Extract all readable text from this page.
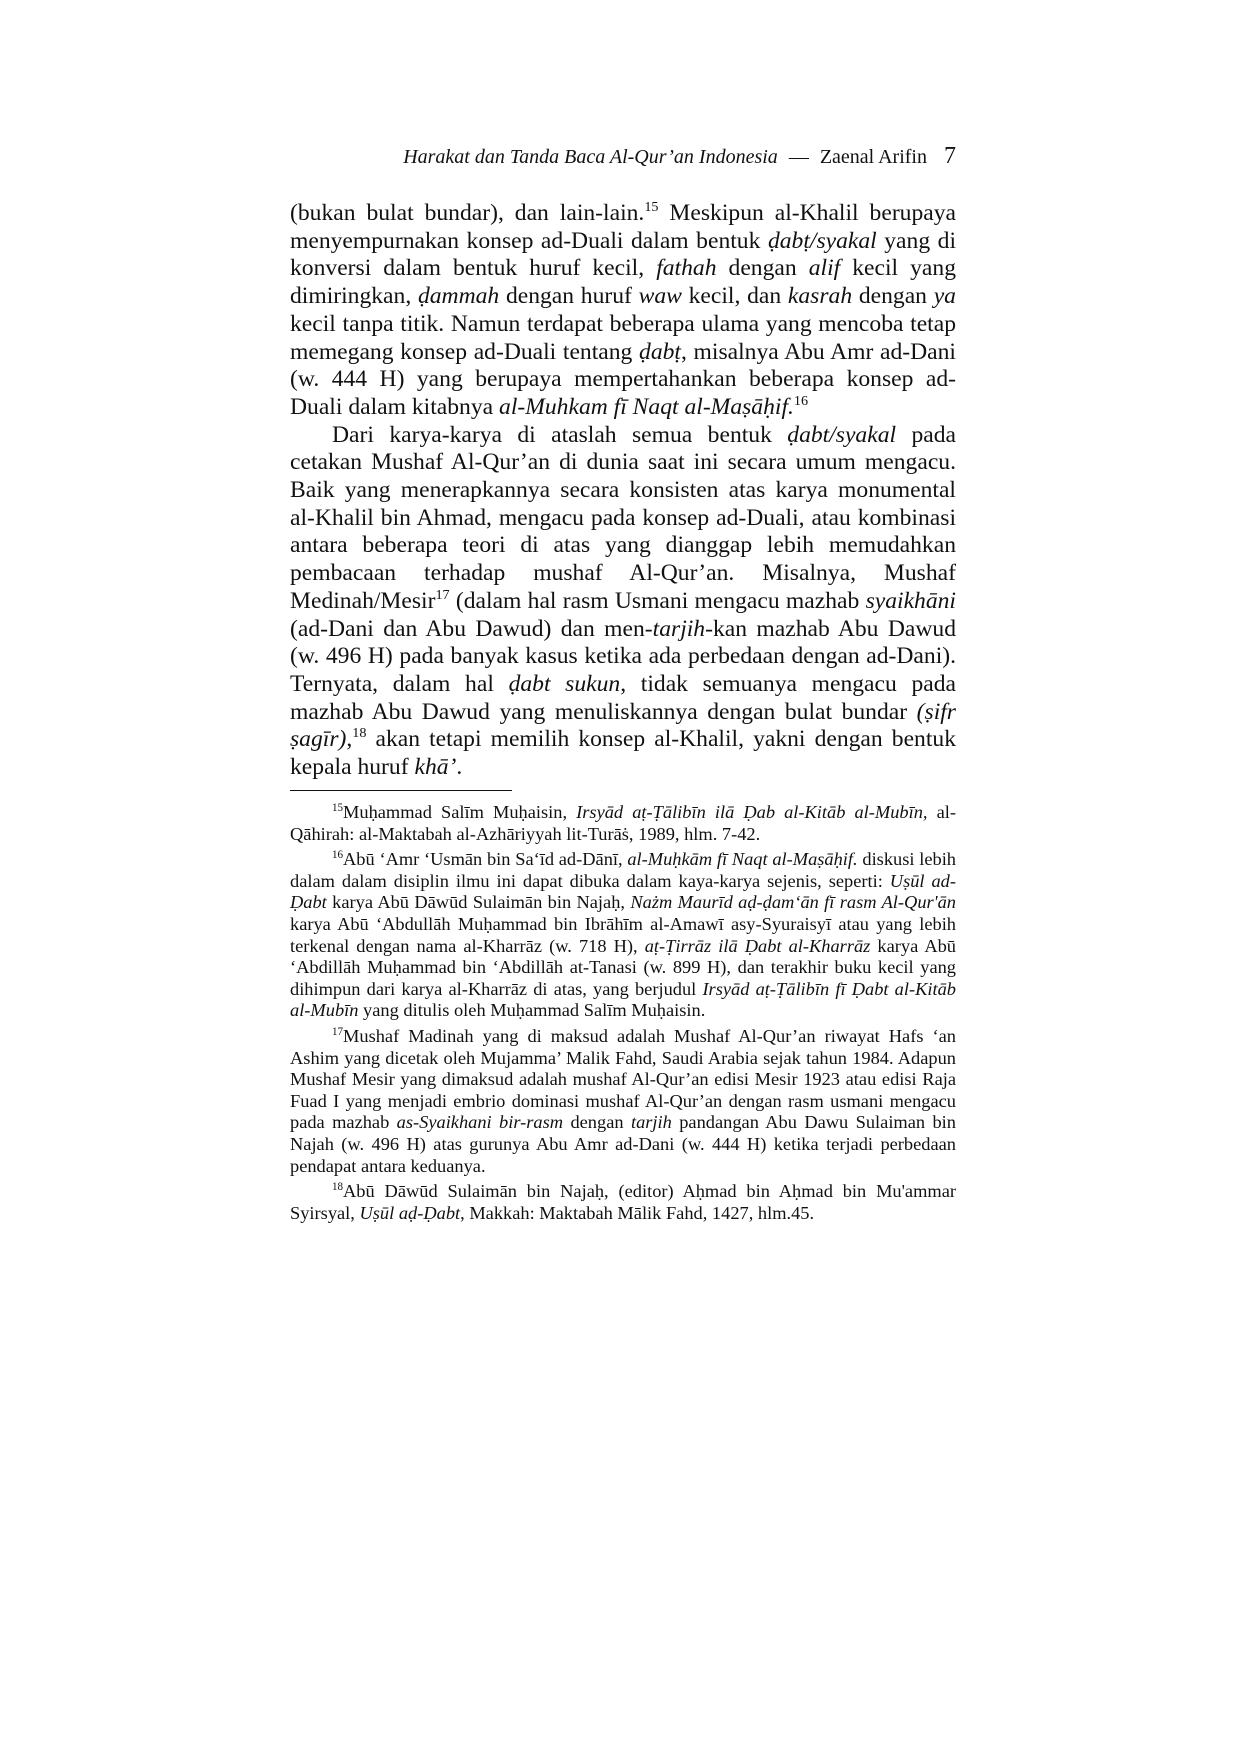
Harakat dan Tanda Baca Al-Qur’an Indonesia — Zaenal Arifin 7

(bukan bulat bundar), dan lain-lain.$^{15}$ Meskipun al-Khalil berupaya menyempurnakan konsep ad-Duali dalam bentuk ḍabṭ/syakal yang di konversi dalam bentuk huruf kecil, fathah dengan alif kecil yang dimiringkan, ḍammah dengan huruf waw kecil, dan kasrah dengan ya kecil tanpa titik. Namun terdapat beberapa ulama yang mencoba tetap memegang konsep ad-Duali tentang ḍabṭ, misalnya Abu Amr ad-Dani (w. 444 H) yang berupaya mempertahankan beberapa konsep ad-Duali dalam kitabnya al-Muhkam fī Naqt al-Maṣāḥif.$^{16}$

Dari karya-karya di ataslah semua bentuk ḍabt/syakal pada cetakan Mushaf Al-Qur’an di dunia saat ini secara umum mengacu. Baik yang menerapkannya secara konsisten atas karya monumental al-Khalil bin Ahmad, mengacu pada konsep ad-Duali, atau kombinasi antara beberapa teori di atas yang dianggap lebih memudahkan pembacaan terhadap mushaf Al-Qur’an. Misalnya, Mushaf Medinah/Mesir$^{17}$ (dalam hal rasm Usmani mengacu mazhab syaikhāni (ad-Dani dan Abu Dawud) dan men-tarjih-kan mazhab Abu Dawud (w. 496 H) pada banyak kasus ketika ada perbedaan dengan ad-Dani). Ternyata, dalam hal ḍabt sukun, tidak semuanya mengacu pada mazhab Abu Dawud yang menuliskannya dengan bulat bundar (ṣifr ṣagīr),$^{18}$ akan tetapi memilih konsep al-Khalil, yakni dengan bentuk kepala huruf khā’.

$^{15}$Muḥammad Salīm Muḥaisin, Irsyād aṭ-Ṭālibīn ilā Ḍab al-Kitāb al-Mubīn, al-Qāhirah: al-Maktabah al-Azhāriyyah lit-Turāṡ, 1989, hlm. 7-42.

$^{16}$Abū ‘Amr ‘Usmān bin Sa‘īd ad-Dānī, al-Muḥkām fī Naqt al-Maṣāḥif. diskusi lebih dalam dalam disiplin ilmu ini dapat dibuka dalam kaya-karya sejenis, seperti: Uṣūl ad-Ḍabt karya Abū Dāwūd Sulaimān bin Najaḥ, Nażm Maurīd aḍ-ḍam‘ān fī rasm Al-Qur'ān karya Abū ‘Abdullāh Muḥammad bin Ibrāhīm al-Amawī asy-Syuraisyī atau yang lebih terkenal dengan nama al-Kharrāz (w. 718 H), aṭ-Ṭirrāz ilā Ḍabt al-Kharrāz karya Abū ‘Abdillāh Muḥammad bin ‘Abdillāh at-Tanasi (w. 899 H), dan terakhir buku kecil yang dihimpun dari karya al-Kharrāz di atas, yang berjudul Irsyād aṭ-Ṭālibīn fī Ḍabt al-Kitāb al-Mubīn yang ditulis oleh Muḥammad Salīm Muḥaisin.

$^{17}$Mushaf Madinah yang di maksud adalah Mushaf Al-Qur’an riwayat Hafs ‘an Ashim yang dicetak oleh Mujamma’ Malik Fahd, Saudi Arabia sejak tahun 1984. Adapun Mushaf Mesir yang dimaksud adalah mushaf Al-Qur’an edisi Mesir 1923 atau edisi Raja Fuad I yang menjadi embrio dominasi mushaf Al-Qur’an dengan rasm usmani mengacu pada mazhab as-Syaikhani bir-rasm dengan tarjih pandangan Abu Dawu Sulaiman bin Najah (w. 496 H) atas gurunya Abu Amr ad-Dani (w. 444 H) ketika terjadi perbedaan pendapat antara keduanya.

$^{18}$Abū Dāwūd Sulaimān bin Najaḥ, (editor) Aḥmad bin Aḥmad bin Mu'ammar Syirsyal, Uṣūl aḍ-Ḍabt, Makkah: Maktabah Mālik Fahd, 1427, hlm.45.
